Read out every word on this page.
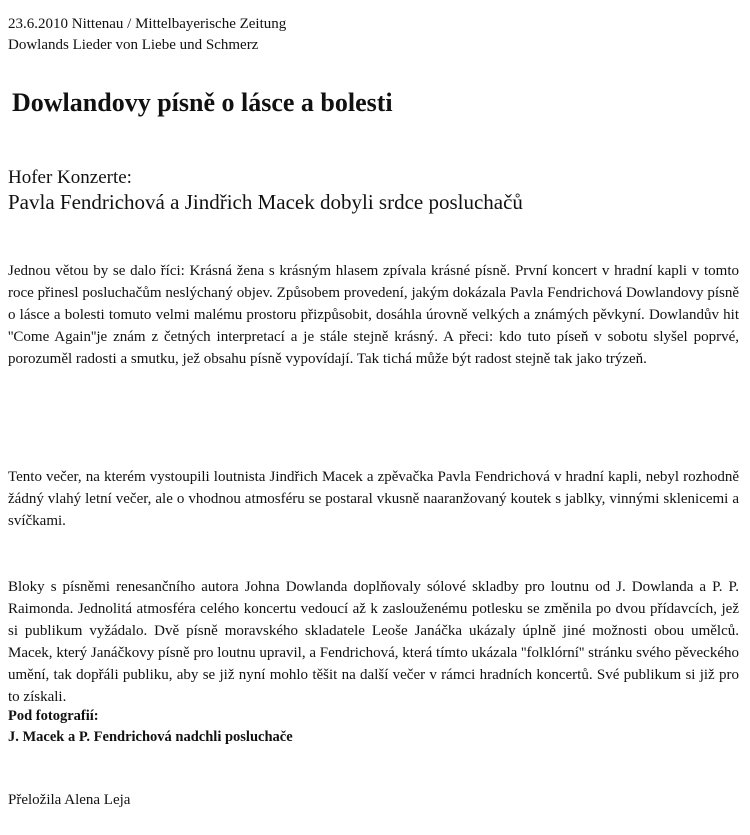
23.6.2010 Nittenau / Mittelbayerische Zeitung
Dowlands Lieder von Liebe und Schmerz
Dowlandovy písně o lásce a bolesti
Hofer Konzerte:
Pavla Fendrichová a Jindřich Macek dobyli srdce posluchačů

Jednou větou by se dalo říci: Krásná žena s krásným hlasem zpívala krásné písně. První koncert v hradní kapli v tomto roce přinesl posluchačům neslýchaný objev. Způsobem provedení, jakým dokázala Pavla Fendrichová Dowlandovy písně o lásce a bolesti tomuto velmi malému prostoru přizpůsobit, dosáhla úrovně velkých a známých pěvkyní. Dowlandův hit ''Come Again''je znám z četných interpretací a je stále stejně krásný. A přeci: kdo tuto píseň v sobotu slyšel poprvé, porozuměl radosti a smutku, jež obsahu písně vypovídají. Tak tichá může být radost stejně tak jako trýzeň.

Tento večer, na kterém vystoupili loutnista Jindřich Macek a zpěvačka Pavla Fendrichová v hradní kapli, nebyl rozhodně žádný vlahý letní večer, ale o vhodnou atmosféru se postaral vkusně naaranžovaný koutek s jablky, vinnými sklenicemi a svíčkami.

Bloky s písněmi renesančního autora Johna Dowlanda doplňovaly sólové skladby pro loutnu od J. Dowlanda a P. P. Raimonda. Jednolitá atmosféra celého koncertu vedoucí až k zaslouženému potlesku se změnila po dvou přídavcích, jež si publikum vyžádalo. Dvě písně moravského skladatele Leoše Janáčka ukázaly úplně jiné možnosti obou umělců. Macek, který Janáčkovy písně pro loutnu upravil, a Fendrichová, která tímto ukázala ''folklórní'' stránku svého pěveckého umění, tak dopřáli publiku, aby se již nyní mohlo těšit na další večer v rámci hradních koncertů. Své publikum si již pro to získali.

Pod fotografií:
J. Macek a P. Fendrichová nadchli posluchače
Přeložila Alena Leja
